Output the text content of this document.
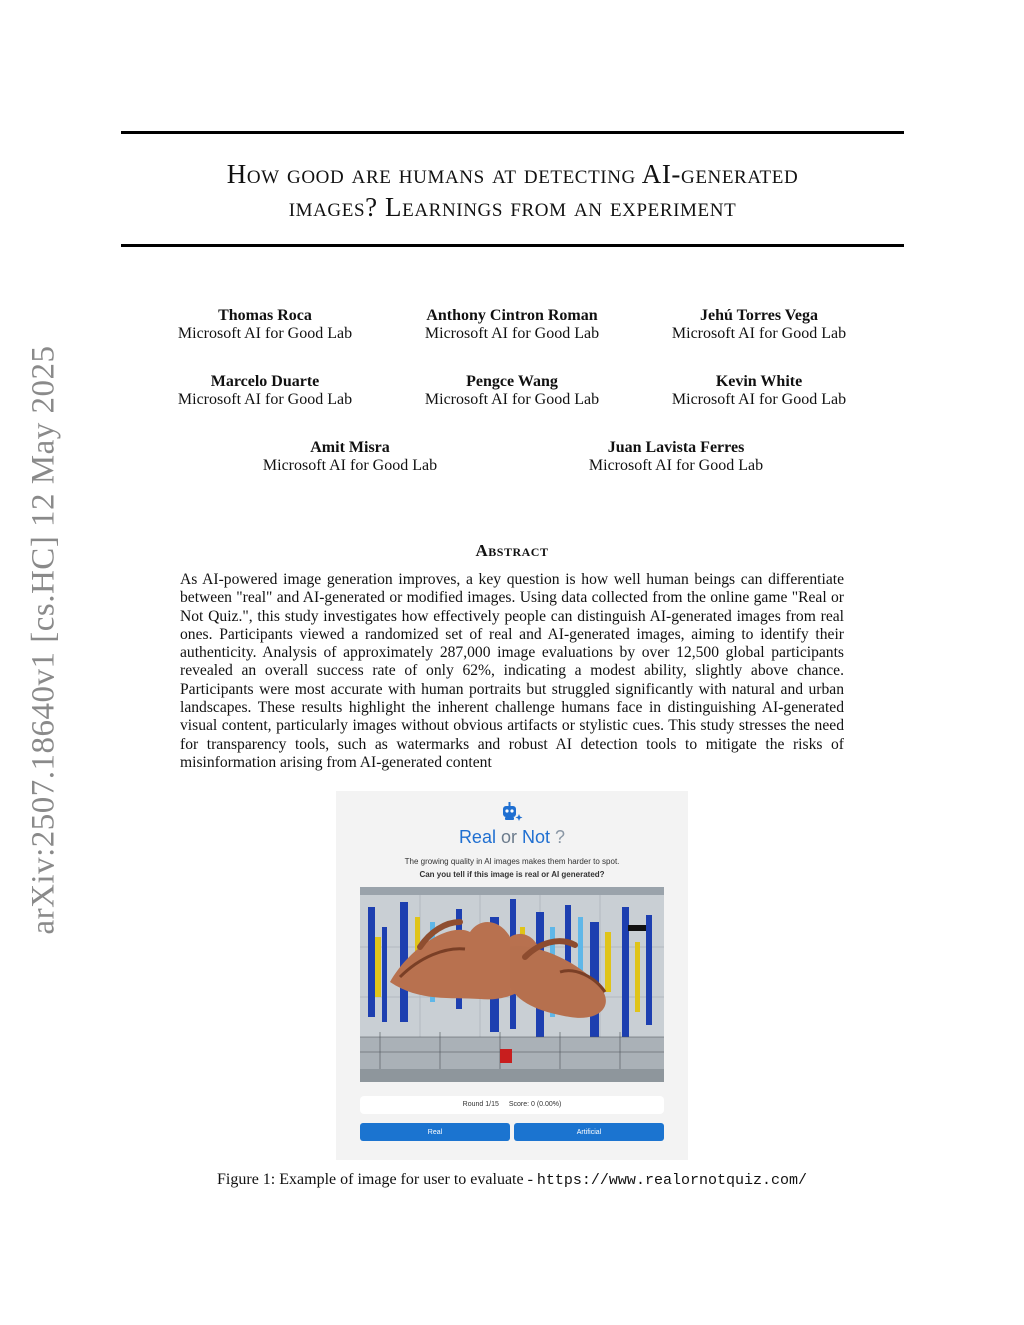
arXiv:2507.18640v1 [cs.HC] 12 May 2025
How good are humans at detecting AI-generated
images? Learnings from an experiment
Thomas Roca
Microsoft AI for Good Lab
Anthony Cintron Roman
Microsoft AI for Good Lab
Jehú Torres Vega
Microsoft AI for Good Lab
Marcelo Duarte
Microsoft AI for Good Lab
Pengce Wang
Microsoft AI for Good Lab
Kevin White
Microsoft AI for Good Lab
Amit Misra
Microsoft AI for Good Lab
Juan Lavista Ferres
Microsoft AI for Good Lab
Abstract

As AI-powered image generation improves, a key question is how well human beings can differentiate between "real" and AI-generated or modified images. Using data collected from the online game "Real or Not Quiz.", this study investigates how effectively people can distinguish AI-generated images from real ones. Participants viewed a randomized set of real and AI-generated images, aiming to identify their authenticity. Analysis of approximately 287,000 image evaluations by over 12,500 global participants revealed an overall success rate of only 62%, indicating a modest ability, slightly above chance. Participants were most accurate with human portraits but struggled significantly with natural and urban landscapes. These results highlight the inherent challenge humans face in distinguishing AI-generated visual content, particularly images without obvious artifacts or stylistic cues. This study stresses the need for transparency tools, such as watermarks and robust AI detection tools to mitigate the risks of misinformation arising from AI-generated content

Real or Not ?
The growing quality in AI images makes them harder to spot.
Can you tell if this image is real or AI generated?
Round 1/15 Score: 0 (0.00%)
Real	Artificial
Figure 1: Example of image for user to evaluate - https://www.realornotquiz.com/
